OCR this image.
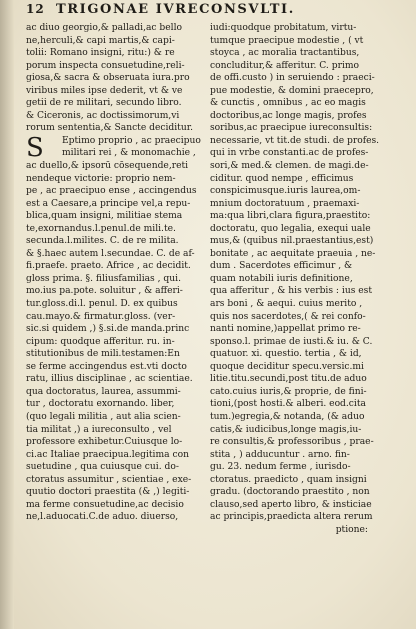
12 TRIGONAE IVRECONSVLTI.
ac diuo georgio,& palladi,ac bello
ne,herculi,& capi martis,& capi-
tolii: Romano insigni, ritu:) & re
porum inspecta consuetudine,reli-
giosa,& sacra & obseruata iura.pro
viribus miles ipse dederit, vt & ve
getii de re militari, secundo libro.
& Ciceronis, ac doctissimorum,vi
rorum sententia,& Sancte deciditur.
S	Eptimo proprio , ac praecipuo
militari rei , & monomachie ,
ac duello,& ipsorū cōsequende,reti
nendeque victorie: proprio nem-
pe , ac praecipuo ense , accingendus
est a Caesare,a principe vel,a repu-
blica,quam insigni, militiae stema
te,exornandus.l.penul.de mili.te.
secunda.l.milites. C. de re milita.
& §.haec autem l.secundae. C. de af-
fi.praefe. praeto. Africe , ac decidit.
gloss prima. §. filiusfamilias , qui.
mo.ius pa.pote. soluitur , & afferi-
tur.gloss.di.l. penul. D. ex quibus
cau.mayo.& firmatur.gloss. (ver-
sic.si quidem ,) §.si.de manda.princ
cipum: quodque afferitur. ru. in-
stitutionibus de mili.testamen:En
se ferme accingendus est.vti docto
ratu, illius disciplinae , ac scientiae.
qua doctoratus, laurea, assummi-
tur , doctoratu exornando. liber,
(quo legali militia , aut alia scien-
tia militat ,) a iureconsulto , vel
professore exhibetur.Cuiusque lo-
ci.ac Italiae praecipua.legitima con
suetudine , qua cuiusque cui. do-
ctoratus assumitur , scientiae , exe-
quutio doctori praestita (& ,) legiti-
ma ferme consuetudine,ac decisio
ne,l.aduocati.C.de aduo. diuerso,
iudi:quodque probitatum, virtu-
tumque praecipue modestie , ( vt
stoyca , ac moralia tractantibus,
concluditur,& afferitur. C. primo
de offi.custo ) in seruiendo : praeci-
pue modestie, & domini praecepro,
& cunctis , omnibus , ac eo magis
doctoribus,ac longe magis, profes
soribus,ac praecipue iureconsultis:
necessarie, vt tit.de studi. de profes.
qui in vrbe constanti.ac de profes-
sori,& med.& clemen. de magi.de-
ciditur. quod nempe , efficimus
conspicimusque.iuris laurea,om-
mnium doctoratuum , praemaxi-
ma:qua libri,clara figura,praestito:
doctoratu, quo legalia, exequi uale
mus,& (quibus nil.praestantius,est)
bonitate , ac aequitate praeuia , ne-
dum . Sacerdotes efficimur , &
quam notabili iuris definitione,
qua afferitur , & his verbis : ius est
ars boni , & aequi. cuius merito ,
quis nos sacerdotes,( & rei confo-
nanti nomine,)appellat primo re-
sponso.l. primae de iusti.& iu. & C.
quatuor. xi. questio. tertia , & id,
quoque deciditur specu.versic.mi
litie.titu.secundi,post titu.de aduo
cato.cuius iuris,& proprie, de fini-
tioni,(post hosti.& alberi. eod.cita
tum.)egregia,& notanda, (& aduo
catis,& iudicibus,longe magis,iu-
re consultis,& professoribus , prae-
stita , ) adducuntur . arno. fin-
gu. 23. nedum ferme , iurisdo-
ctoratus. praedicto , quam insigni
gradu. (doctorando praestito , non
clauso,sed aperto libro, & insticiae
ac principis,praedicta altera rerum
ptione:
